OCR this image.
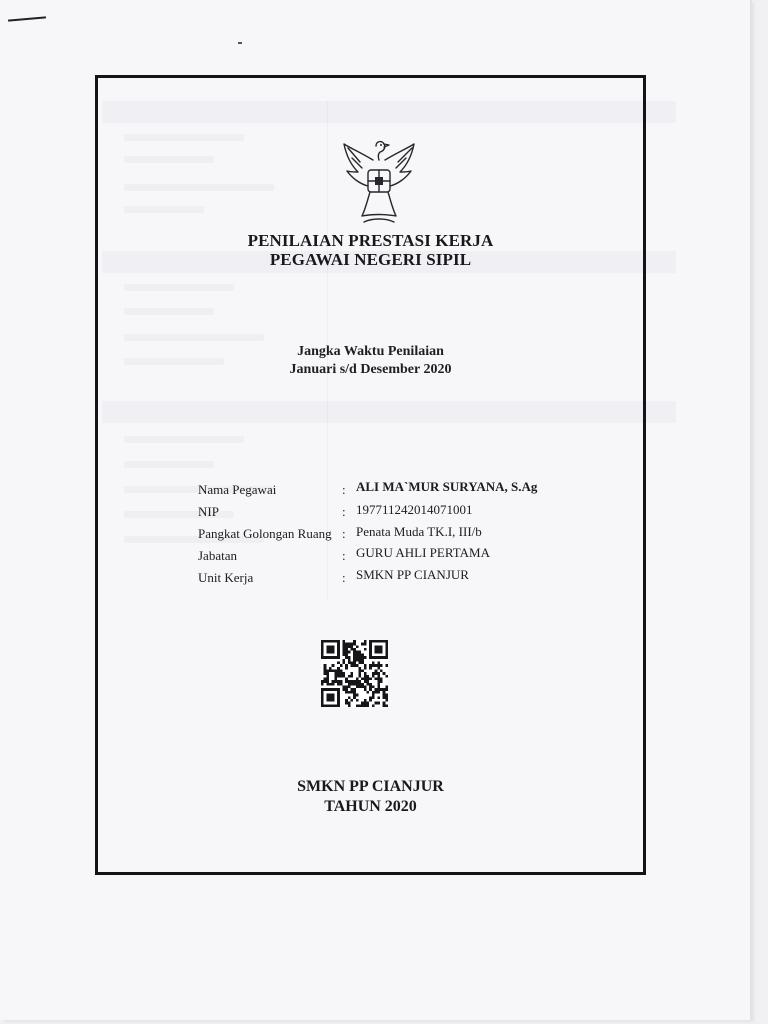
PENILAIAN PRESTASI KERJA
PEGAWAI NEGERI SIPIL
Jangka Waktu Penilaian
Januari s/d Desember 2020
Nama Pegawai	: ALI MA`MUR SURYANA, S.Ag
NIP	: 197711242014071001
Pangkat Golongan Ruang : Penata Muda TK.I, III/b
Jabatan	: GURU AHLI PERTAMA
Unit Kerja	: SMKN PP CIANJUR
SMKN PP CIANJUR
TAHUN 2020
